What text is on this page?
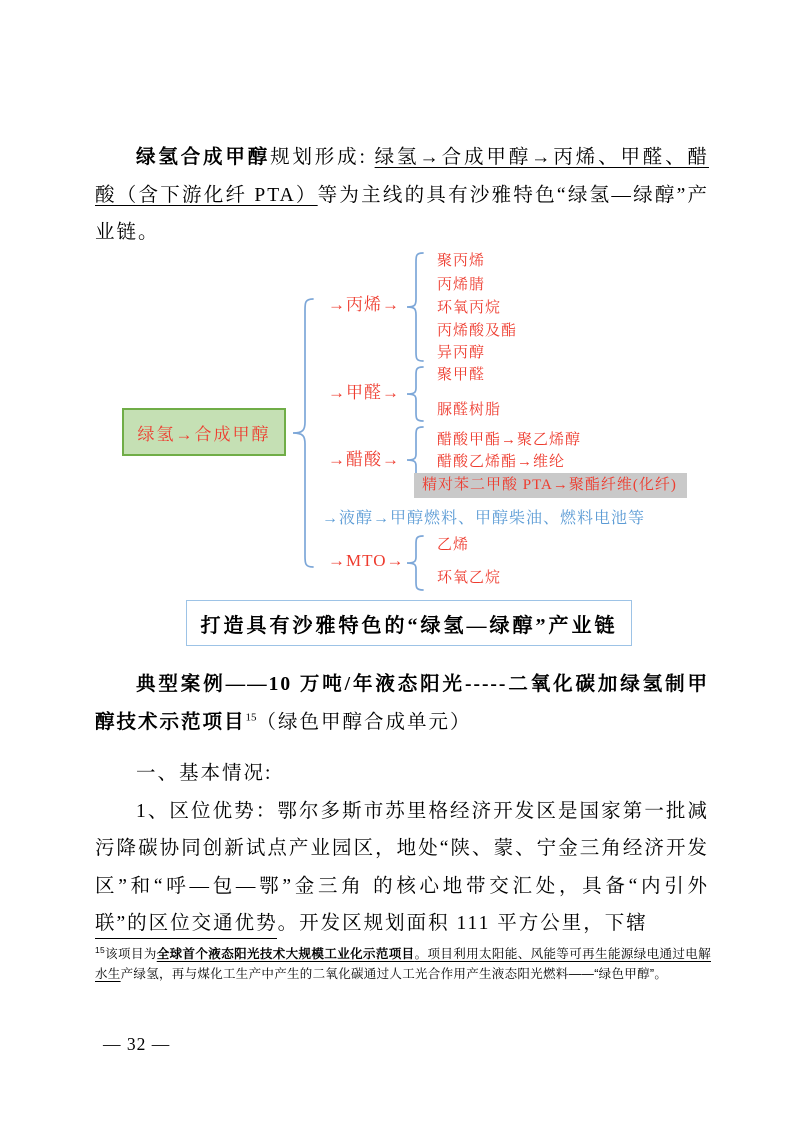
绿氢合成甲醇规划形成: 绿氢→合成甲醇→丙烯、甲醛、醋酸（含下游化纤 PTA）等为主线的具有沙雅特色“绿氢—绿醇”产业链。

绿氢→合成甲醇
→丙烯→
→甲醛→
→醋酸→
→液醇→甲醇燃料、甲醇柴油、燃料电池等
→MTO→
聚丙烯
丙烯腈
环氧丙烷
丙烯酸及酯
异丙醇
聚甲醛
脲醛树脂
醋酸甲酯→聚乙烯醇
醋酸乙烯酯→维纶
精对苯二甲酸 PTA→聚酯纤维(化纤)
乙烯
环氧乙烷
打造具有沙雅特色的“绿氢—绿醇”产业链

典型案例——10 万吨/年液态阳光-----二氧化碳加绿氢制甲醇技术示范项目$^{15}$（绿色甲醇合成单元）

一、基本情况:

1、区位优势：鄂尔多斯市苏里格经济开发区是国家第一批减污降碳协同创新试点产业园区，地处“陕、蒙、宁金三角经济开发区”和“呼—包—鄂”金三角 的核心地带交汇处，具备“内引外联”的区位交通优势。开发区规划面积 111 平方公里，下辖

$^{15}$该项目为全球首个液态阳光技术大规模工业化示范项目。项目利用太阳能、风能等可再生能源绿电通过电解水生产绿氢，再与煤化工生产中产生的二氧化碳通过人工光合作用产生液态阳光燃料——“绿色甲醇”。
— 32 —
